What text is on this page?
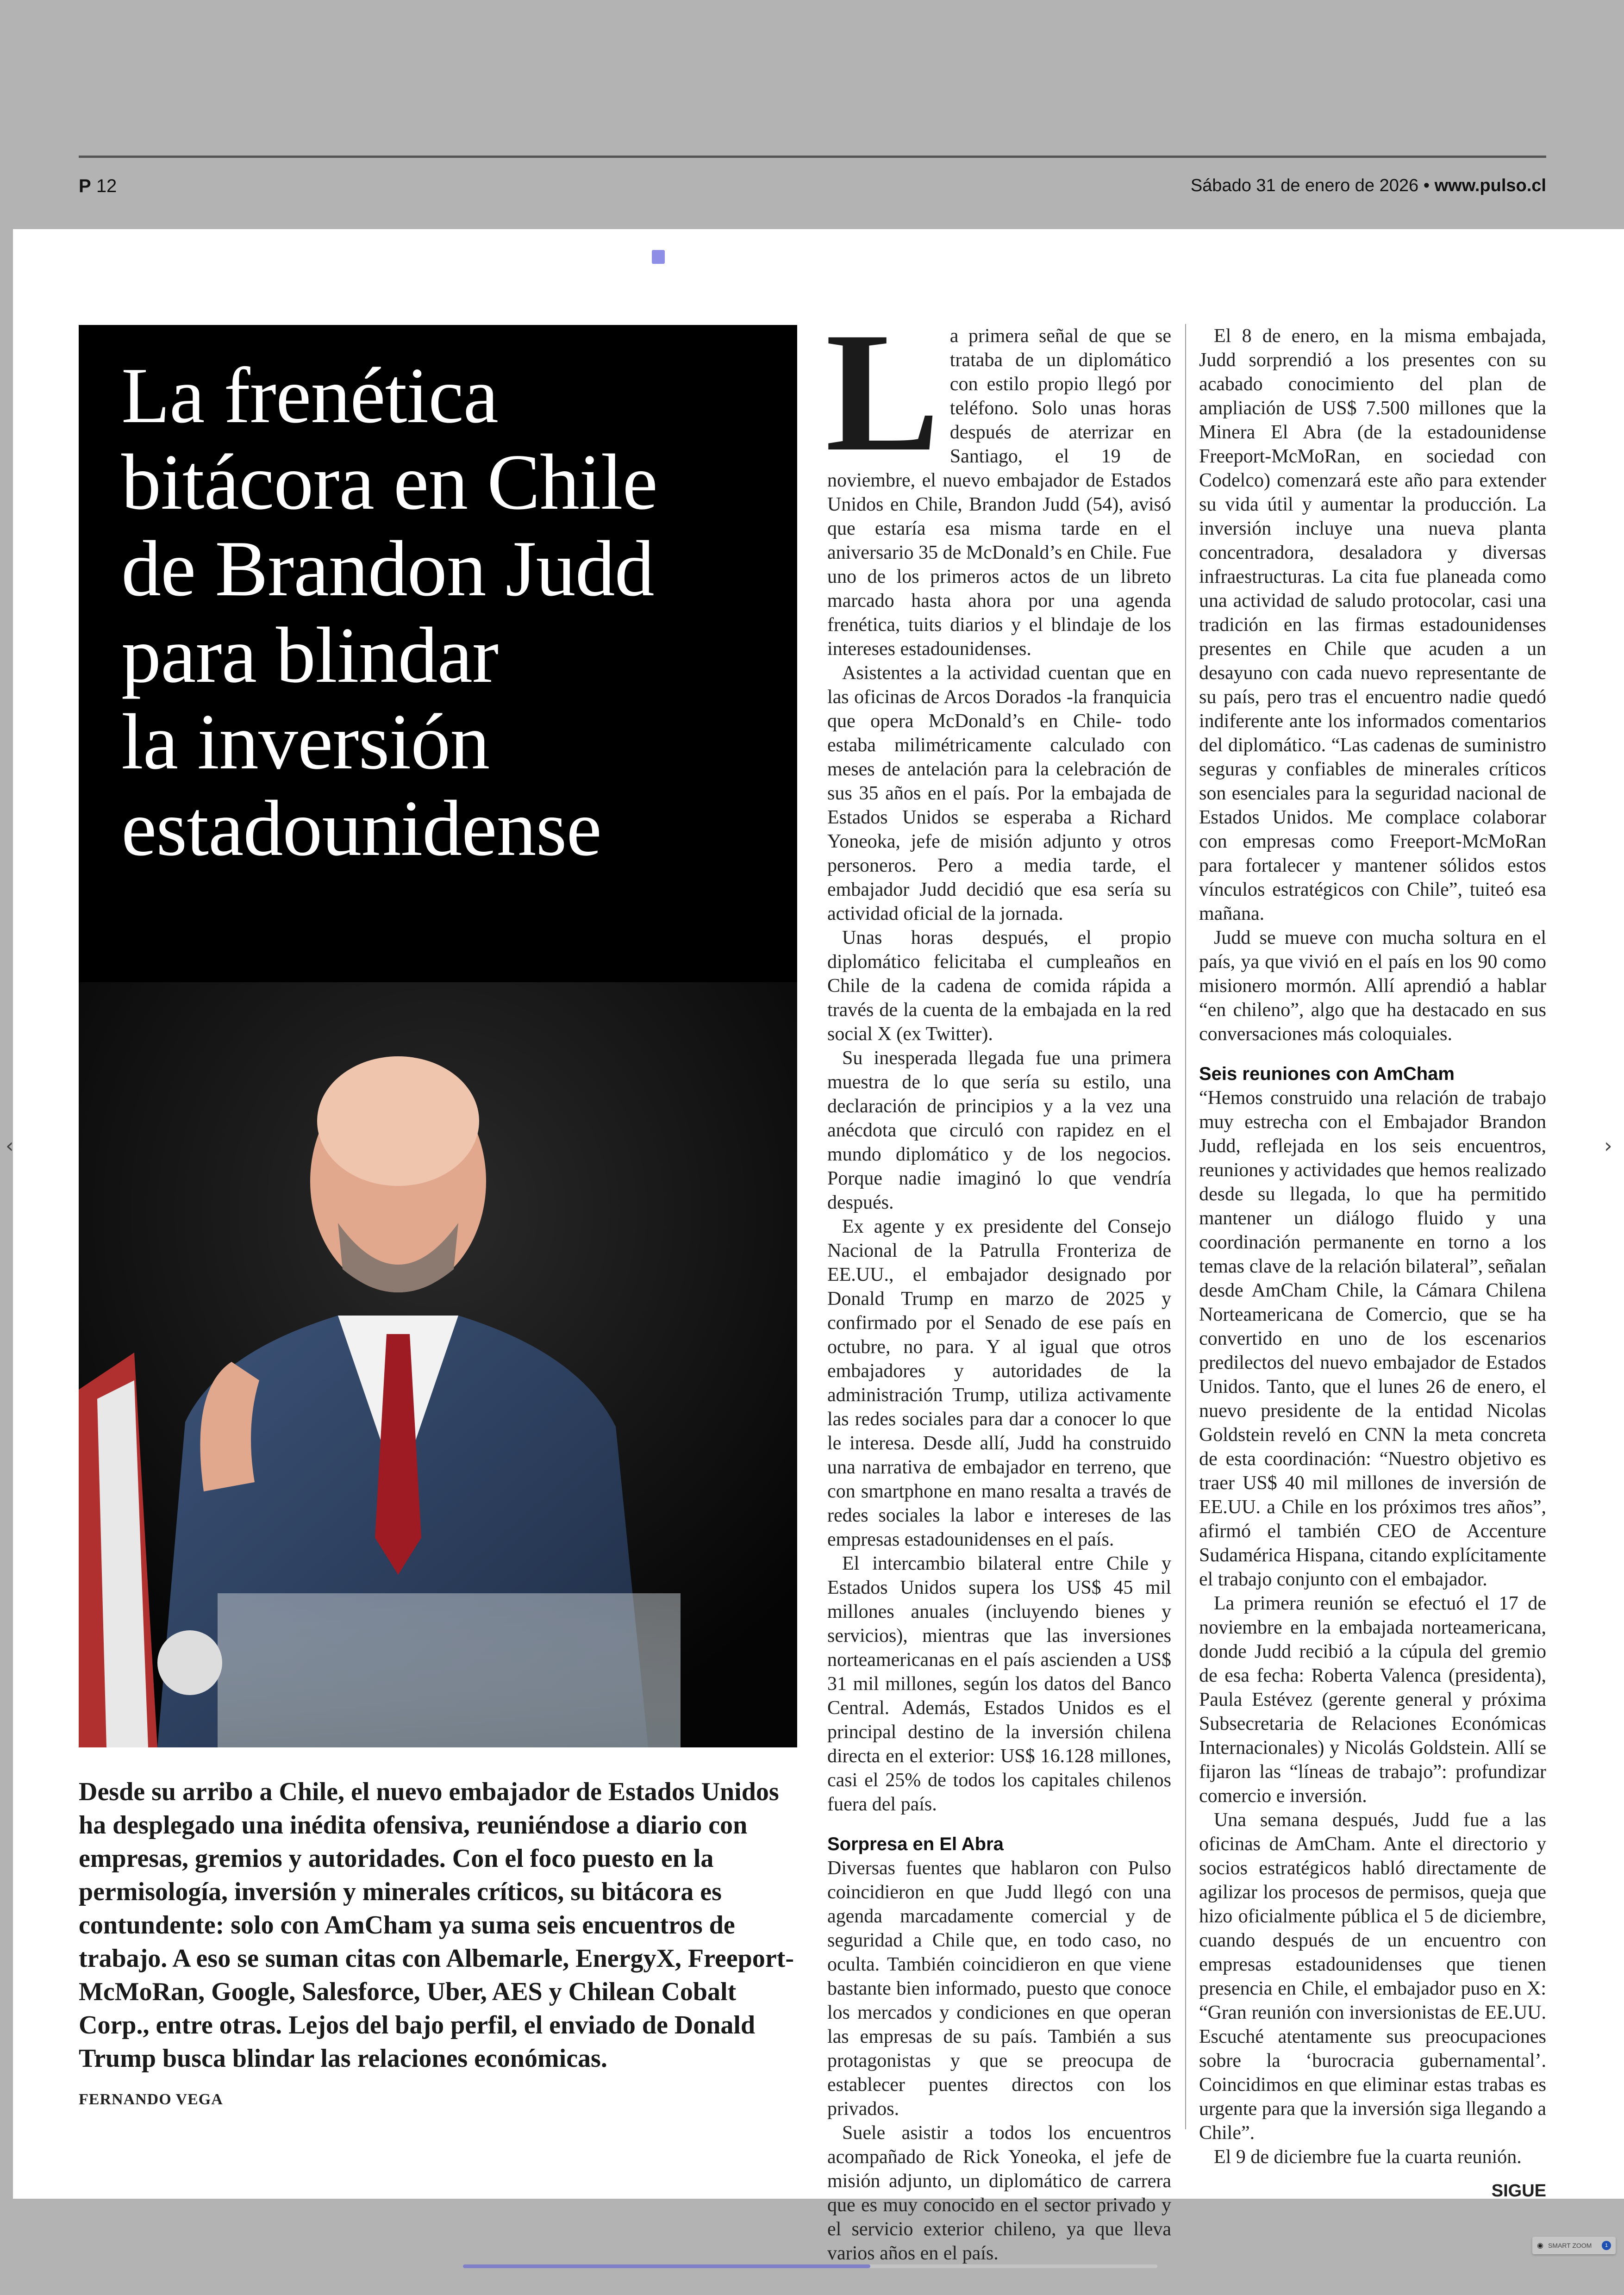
P 12	Sábado 31 de enero de 2026 • www.pulso.cl
La frenética
bitácora en Chile
de Brandon Judd
para blindar
la inversión
estadounidense

Desde su arribo a Chile, el nuevo embajador de Estados Unidos ha desplegado una inédita ofensiva, reuniéndose a diario con empresas, gremios y autoridades. Con el foco puesto en la permisología, inversión y minerales críticos, su bitácora es contundente: solo con AmCham ya suma seis encuentros de trabajo. A eso se suman citas con Albemarle, EnergyX, Freeport-McMoRan, Google, Salesforce, Uber, AES y Chilean Cobalt Corp., entre otras. Lejos del bajo perfil, el enviado de Donald Trump busca blindar las relaciones económicas.

FERNANDO VEGA

La primera señal de que se trataba de un diplomático con estilo propio llegó por teléfono. Solo unas horas después de aterrizar en Santiago, el 19 de noviembre, el nuevo embajador de Estados Unidos en Chile, Brandon Judd (54), avisó que estaría esa misma tarde en el aniversario 35 de McDonald’s en Chile. Fue uno de los primeros actos de un libreto marcado hasta ahora por una agenda frenética, tuits diarios y el blindaje de los intereses estadounidenses.

Asistentes a la actividad cuentan que en las oficinas de Arcos Dorados -la franquicia que opera McDonald’s en Chile- todo estaba milimétricamente calculado con meses de antelación para la celebración de sus 35 años en el país. Por la embajada de Estados Unidos se esperaba a Richard Yoneoka, jefe de misión adjunto y otros personeros. Pero a media tarde, el embajador Judd decidió que esa sería su actividad oficial de la jornada.

Unas horas después, el propio diplomático felicitaba el cumpleaños en Chile de la cadena de comida rápida a través de la cuenta de la embajada en la red social X (ex Twitter).

Su inesperada llegada fue una primera muestra de lo que sería su estilo, una declaración de principios y a la vez una anécdota que circuló con rapidez en el mundo diplomático y de los negocios. Porque nadie imaginó lo que vendría después.

Ex agente y ex presidente del Consejo Nacional de la Patrulla Fronteriza de EE.UU., el embajador designado por Donald Trump en marzo de 2025 y confirmado por el Senado de ese país en octubre, no para. Y al igual que otros embajadores y autoridades de la administración Trump, utiliza activamente las redes sociales para dar a conocer lo que le interesa. Desde allí, Judd ha construido una narrativa de embajador en terreno, que con smartphone en mano resalta a través de redes sociales la labor e intereses de las empresas estadounidenses en el país.

El intercambio bilateral entre Chile y Estados Unidos supera los US$ 45 mil millones anuales (incluyendo bienes y servicios), mientras que las inversiones norteamericanas en el país ascienden a US$ 31 mil millones, según los datos del Banco Central. Además, Estados Unidos es el principal destino de la inversión chilena directa en el exterior: US$ 16.128 millones, casi el 25% de todos los capitales chilenos fuera del país.

Sorpresa en El Abra

Diversas fuentes que hablaron con Pulso coincidieron en que Judd llegó con una agenda marcadamente comercial y de seguridad a Chile que, en todo caso, no oculta. También coincidieron en que viene bastante bien informado, puesto que conoce los mercados y condiciones en que operan las empresas de su país. También a sus protagonistas y que se preocupa de establecer puentes directos con los privados.

Suele asistir a todos los encuentros acompañado de Rick Yoneoka, el jefe de misión adjunto, un diplomático de carrera que es muy conocido en el sector privado y el servicio exterior chileno, ya que lleva varios años en el país.

El 8 de enero, en la misma embajada, Judd sorprendió a los presentes con su acabado conocimiento del plan de ampliación de US$ 7.500 millones que la Minera El Abra (de la estadounidense Freeport-McMoRan, en sociedad con Codelco) comenzará este año para extender su vida útil y aumentar la producción. La inversión incluye una nueva planta concentradora, desaladora y diversas infraestructuras. La cita fue planeada como una actividad de saludo protocolar, casi una tradición en las firmas estadounidenses presentes en Chile que acuden a un desayuno con cada nuevo representante de su país, pero tras el encuentro nadie quedó indiferente ante los informados comentarios del diplomático. “Las cadenas de suministro seguras y confiables de minerales críticos son esenciales para la seguridad nacional de Estados Unidos. Me complace colaborar con empresas como Freeport-McMoRan para fortalecer y mantener sólidos estos vínculos estratégicos con Chile”, tuiteó esa mañana.

Judd se mueve con mucha soltura en el país, ya que vivió en el país en los 90 como misionero mormón. Allí aprendió a hablar “en chileno”, algo que ha destacado en sus conversaciones más coloquiales.

Seis reuniones con AmCham

“Hemos construido una relación de trabajo muy estrecha con el Embajador Brandon Judd, reflejada en los seis encuentros, reuniones y actividades que hemos realizado desde su llegada, lo que ha permitido mantener un diálogo fluido y una coordinación permanente en torno a los temas clave de la relación bilateral”, señalan desde AmCham Chile, la Cámara Chilena Norteamericana de Comercio, que se ha convertido en uno de los escenarios predilectos del nuevo embajador de Estados Unidos. Tanto, que el lunes 26 de enero, el nuevo presidente de la entidad Nicolas Goldstein reveló en CNN la meta concreta de esta coordinación: “Nuestro objetivo es traer US$ 40 mil millones de inversión de EE.UU. a Chile en los próximos tres años”, afirmó el también CEO de Accenture Sudamérica Hispana, citando explícitamente el trabajo conjunto con el embajador.

La primera reunión se efectuó el 17 de noviembre en la embajada norteamericana, donde Judd recibió a la cúpula del gremio de esa fecha: Roberta Valenca (presidenta), Paula Estévez (gerente general y próxima Subsecretaria de Relaciones Económicas Internacionales) y Nicolás Goldstein. Allí se fijaron las “líneas de trabajo”: profundizar comercio e inversión.

Una semana después, Judd fue a las oficinas de AmCham. Ante el directorio y socios estratégicos habló directamente de agilizar los procesos de permisos, queja que hizo oficialmente pública el 5 de diciembre, cuando después de un encuentro con empresas estadounidenses que tienen presencia en Chile, el embajador puso en X: “Gran reunión con inversionistas de EE.UU. Escuché atentamente sus preocupaciones sobre la ‘burocracia gubernamental’. Coincidimos en que eliminar estas trabas es urgente para que la inversión siga llegando a Chile”.

El 9 de diciembre fue la cuarta reunión.

SIGUE
‹	›
◉ SMART ZOOM	1
